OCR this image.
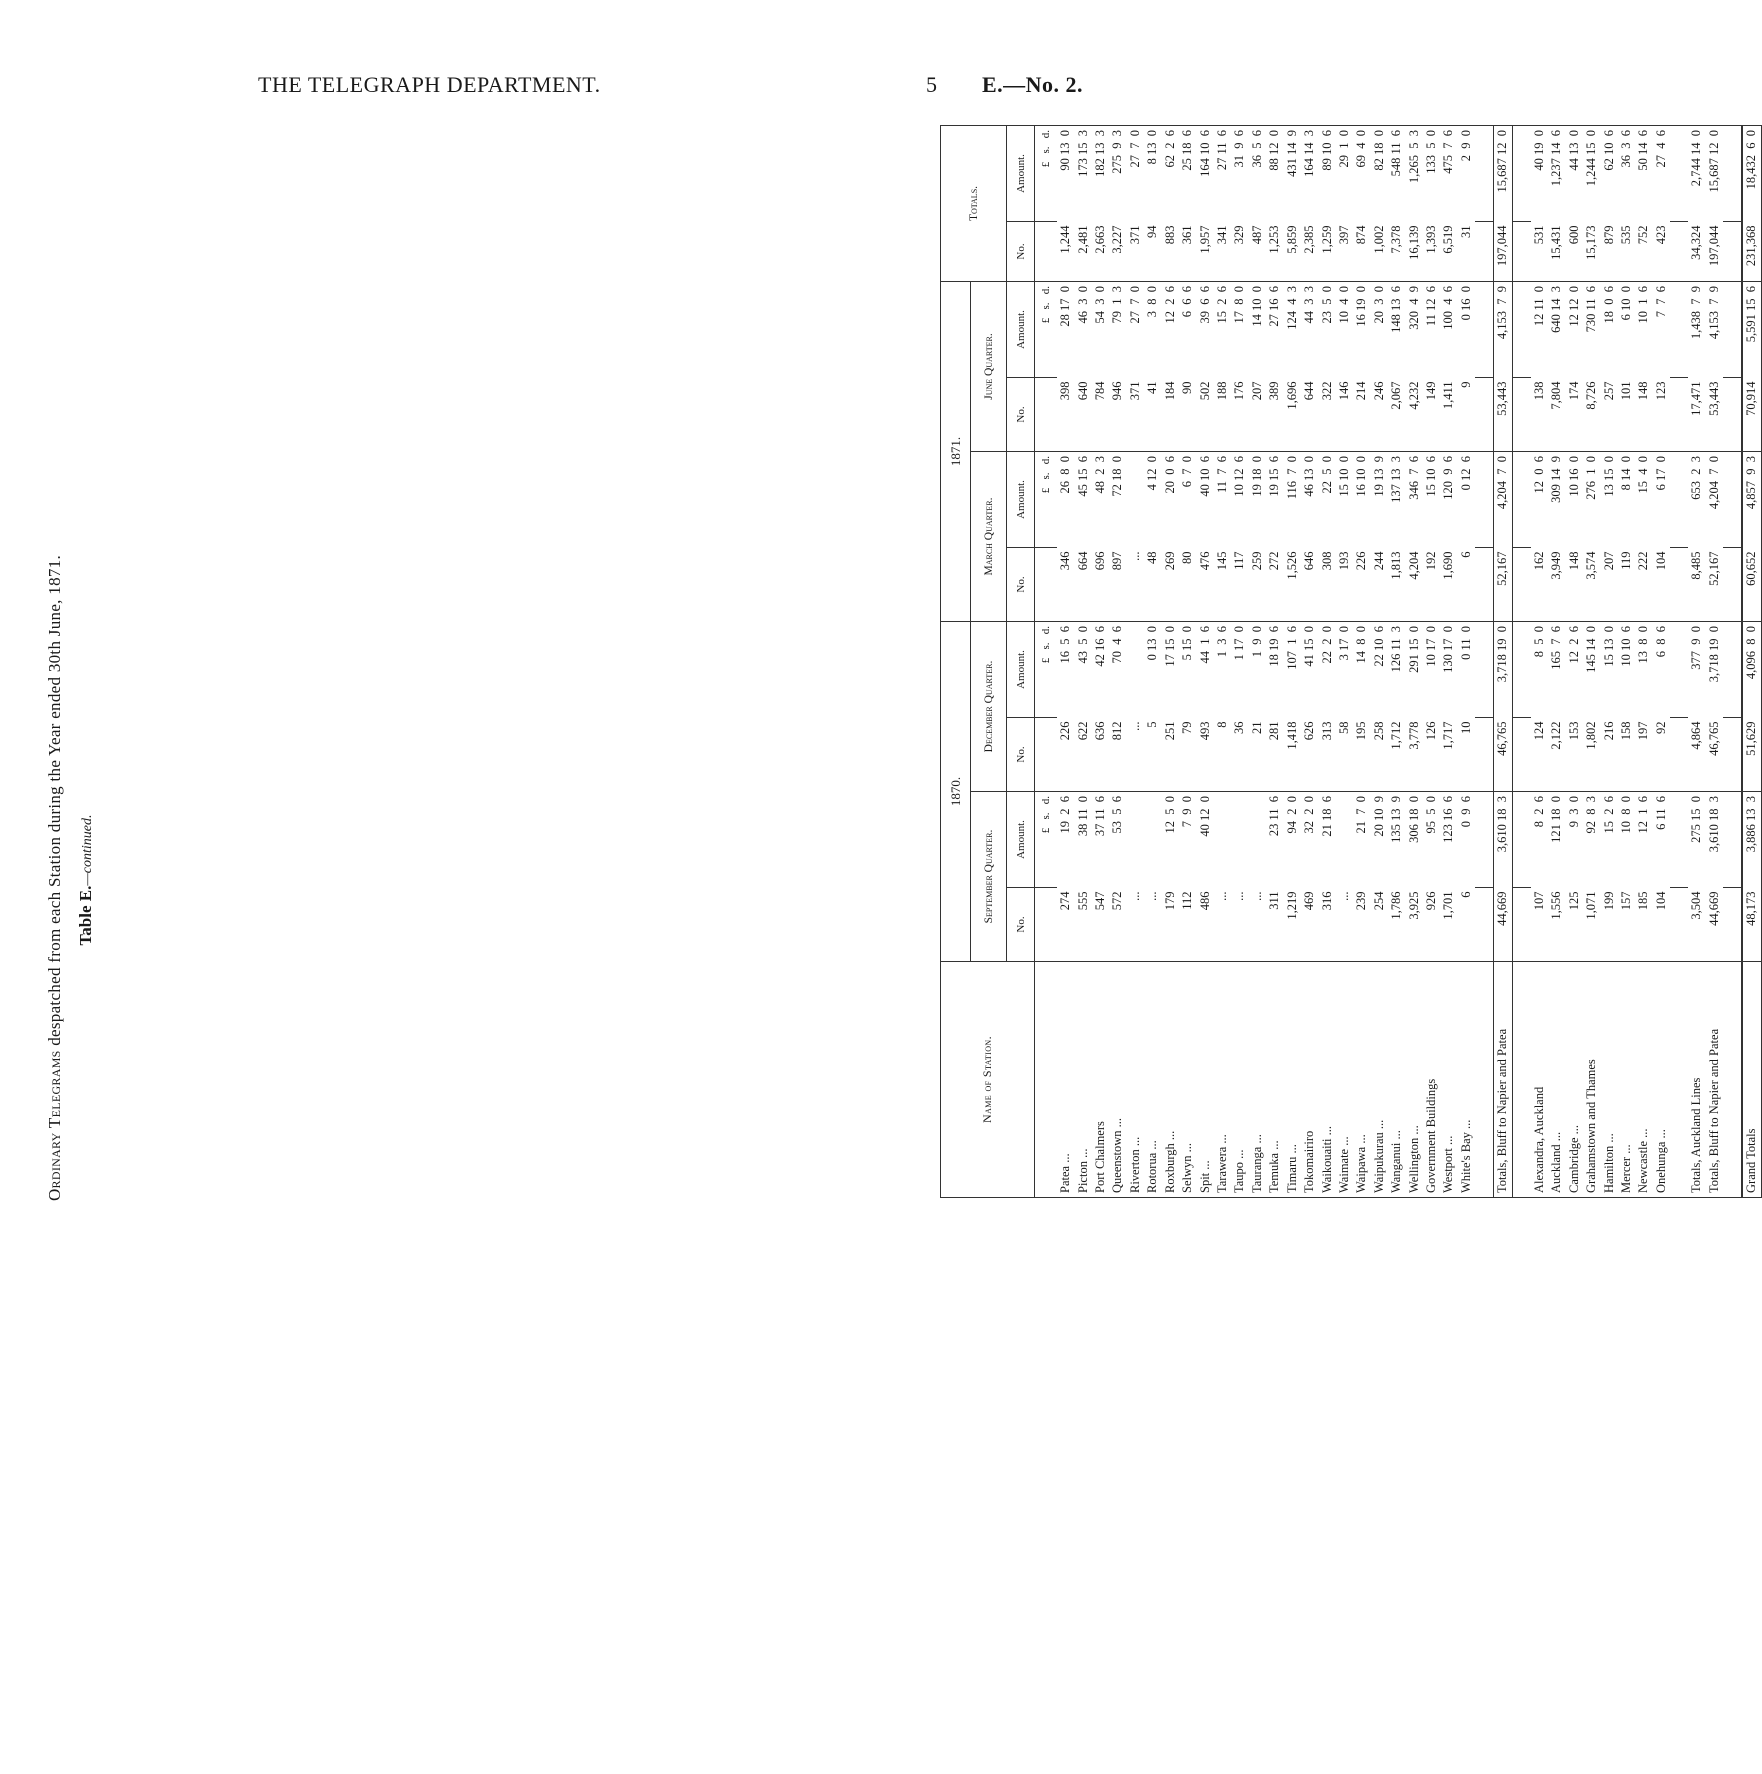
THE TELEGRAPH DEPARTMENT.	5 E.—No. 2.
Table E.—continued.
Ordinary Telegrams despatched from each Station during the Year ended 30th June, 1871.
Name of Station.	1870.				1871.				Totals.	
	September Quarter.		December Quarter.		March Quarter.		June Quarter.			
	No.	Amount.	No.	Amount.	No.	Amount.	No.	Amount.	No.	Amount.
		£   s.   d.		£   s.   d.		£   s.   d.		£   s.   d.		£   s.   d.
Patea ...	274	19  2  6	226	16  5  6	346	26  8  0	398	28 17  0	1,244	90 13  0
Picton ...	555	38 11  0	622	43  5  0	664	45 15  6	640	46  3  0	2,481	173 15  3
Port Chalmers	547	37 11  6	636	42 16  6	696	48  2  3	784	54  3  0	2,663	182 13  3
Queenstown ...	572	53  5  6	812	70  4  6	897	72 18  0	946	79  1  3	3,227	275  9  3
Riverton ...	...		...		...		371	27  7  0	371	27  7  0
Rotorua ...	...		5	0 13  0	48	4 12  0	41	3  8  0	94	8 13  0
Roxburgh ...	179	12  5  0	251	17 15  0	269	20  0  6	184	12  2  6	883	62  2  6
Selwyn ...	112	7  9  0	79	5 15  0	80	6  7  0	90	6  6  6	361	25 18  6
Spit ...	486	40 12  0	493	44  1  6	476	40 10  6	502	39  6  6	1,957	164 10  6
Tarawera ...	...		8	1  3  6	145	11  7  6	188	15  2  6	341	27 11  6
Taupo ...	...		36	1 17  0	117	10 12  6	176	17  8  0	329	31  9  6
Tauranga ...	...		21	1  9  0	259	19 18  0	207	14 10  0	487	36  5  6
Temuka ...	311	23 11  6	281	18 19  6	272	19 15  6	389	27 16  6	1,253	88 12  0
Timaru ...	1,219	94  2  0	1,418	107  1  6	1,526	116  7  0	1,696	124  4  3	5,859	431 14  9
Tokomairiro	469	32  2  0	626	41 15  0	646	46 13  0	644	44  3  3	2,385	164 14  3
Waikouaiti ...	316	21 18  6	313	22  2  0	308	22  5  0	322	23  5  0	1,259	89 10  6
Waimate ...	...		58	3 17  0	193	15 10  0	146	10  4  0	397	29  1  0
Waipawa ...	239	21  7  0	195	14  8  0	226	16 10  0	214	16 19  0	874	69  4  0
Waipukurau ...	254	20 10  9	258	22 10  6	244	19 13  9	246	20  3  0	1,002	82 18  0
Wanganui ...	1,786	135 13  9	1,712	126 11  3	1,813	137 13  3	2,067	148 13  6	7,378	548 11  6
Wellington ...	3,925	306 18  0	3,778	291 15  0	4,204	346  7  6	4,232	320  4  9	16,139	1,265  5  3
Government Buildings	926	95  5  0	126	10 17  0	192	15 10  6	149	11 12  6	1,393	133  5  0
Westport ...	1,701	123 16  6	1,717	130 17  0	1,690	120  9  6	1,411	100  4  6	6,519	475  7  6
White's Bay ...	6	0  9  6	10	0 11  0	6	0 12  6	9	0 16  0	31	2  9  0

Totals, Bluff to Napier and Patea	44,669	3,610 18  3	46,765	3,718 19  0	52,167	4,204  7  0	53,443	4,153  7  9	197,044	15,687 12  0

Alexandra, Auckland	107	8  2  6	124	8  5  0	162	12  0  6	138	12 11  0	531	40 19  0
Auckland ...	1,556	121 18  0	2,122	165  7  6	3,949	309 14  9	7,804	640 14  3	15,431	1,237 14  6
Cambridge ...	125	9  3  0	153	12  2  6	148	10 16  0	174	12 12  0	600	44 13  0
Grahamstown and Thames	1,071	92  8  3	1,802	145 14  0	3,574	276  1  0	8,726	730 11  6	15,173	1,244 15  0
Hamilton ...	199	15  2  6	216	15 13  0	207	13 15  0	257	18  0  6	879	62 10  6
Mercer ...	157	10  8  0	158	10 10  6	119	8 14  0	101	6 10  0	535	36  3  6
Newcastle ...	185	12  1  6	197	13  8  0	222	15  4  0	148	10  1  6	752	50 14  6
Onehunga ...	104	6 11  6	92	6  8  6	104	6 17  0	123	7  7  6	423	27  4  6

Totals, Auckland Lines	3,504	275 15  0	4,864	377  9  0	8,485	653  2  3	17,471	1,438  7  9	34,324	2,744 14  0
Totals, Bluff to Napier and Patea	44,669	3,610 18  3	46,765	3,718 19  0	52,167	4,204  7  0	53,443	4,153  7  9	197,044	15,687 12  0

Grand Totals	48,173	3,886 13  3	51,629	4,096  8  0	60,652	4,857  9  3	70,914	5,591 15  6	231,368	18,432  6  0
